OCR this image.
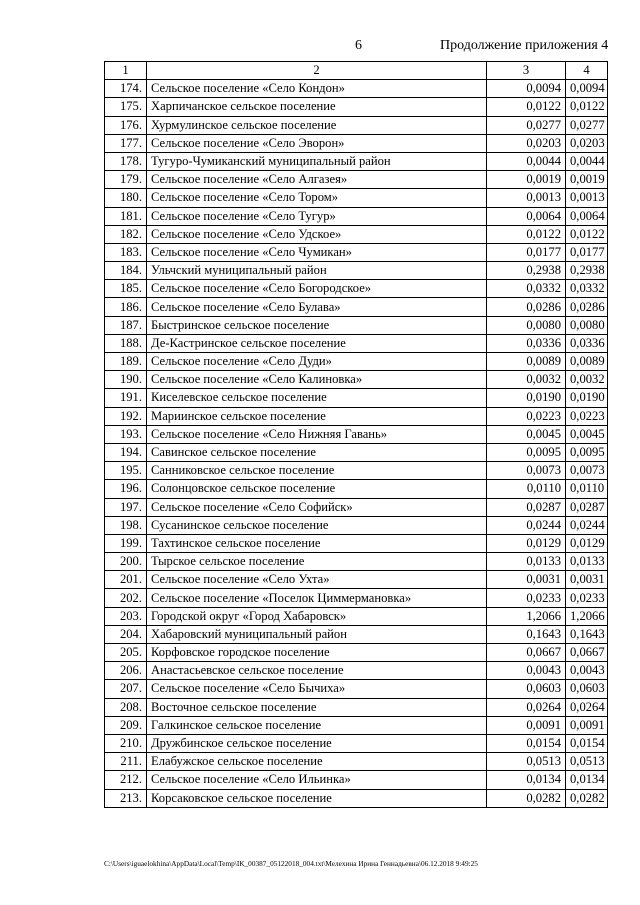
6	Продолжение приложения 4
1	2	3	4
174.	Сельское поселение «Село Кондон»	0,0094	0,0094
175.	Харпичанское сельское поселение	0,0122	0,0122
176.	Хурмулинское сельское поселение	0,0277	0,0277
177.	Сельское поселение «Село Эворон»	0,0203	0,0203
178.	Тугуро-Чумиканский муниципальный район	0,0044	0,0044
179.	Сельское поселение «Село Алгазея»	0,0019	0,0019
180.	Сельское поселение «Село Тором»	0,0013	0,0013
181.	Сельское поселение «Село Тугур»	0,0064	0,0064
182.	Сельское поселение «Село Удское»	0,0122	0,0122
183.	Сельское поселение «Село Чумикан»	0,0177	0,0177
184.	Ульчский муниципальный район	0,2938	0,2938
185.	Сельское поселение «Село Богородское»	0,0332	0,0332
186.	Сельское поселение «Село Булава»	0,0286	0,0286
187.	Быстринское сельское поселение	0,0080	0,0080
188.	Де-Кастринское сельское поселение	0,0336	0,0336
189.	Сельское поселение «Село Дуди»	0,0089	0,0089
190.	Сельское поселение «Село Калиновка»	0,0032	0,0032
191.	Киселевское сельское поселение	0,0190	0,0190
192.	Мариинское сельское поселение	0,0223	0,0223
193.	Сельское поселение «Село Нижняя Гавань»	0,0045	0,0045
194.	Савинское сельское поселение	0,0095	0,0095
195.	Санниковское сельское поселение	0,0073	0,0073
196.	Солонцовское сельское поселение	0,0110	0,0110
197.	Сельское поселение «Село Софийск»	0,0287	0,0287
198.	Сусанинское сельское поселение	0,0244	0,0244
199.	Тахтинское сельское поселение	0,0129	0,0129
200.	Тырское сельское поселение	0,0133	0,0133
201.	Сельское поселение «Село Ухта»	0,0031	0,0031
202.	Сельское поселение «Поселок Циммермановка»	0,0233	0,0233
203.	Городской округ «Город Хабаровск»	1,2066	1,2066
204.	Хабаровский муниципальный район	0,1643	0,1643
205.	Корфовское городское поселение	0,0667	0,0667
206.	Анастасьевское сельское поселение	0,0043	0,0043
207.	Сельское поселение «Село Бычиха»	0,0603	0,0603
208.	Восточное сельское поселение	0,0264	0,0264
209.	Галкинское сельское поселение	0,0091	0,0091
210.	Дружбинское сельское поселение	0,0154	0,0154
211.	Елабужское сельское поселение	0,0513	0,0513
212.	Сельское поселение «Село Ильинка»	0,0134	0,0134
213.	Корсаковское сельское поселение	0,0282	0,0282
C:\Users\iguaelokhina\AppData\Local\Temp\IK_00387_05122018_004.txt\Мелехина Ирина Геннадьевна\06.12.2018 9:49:25
